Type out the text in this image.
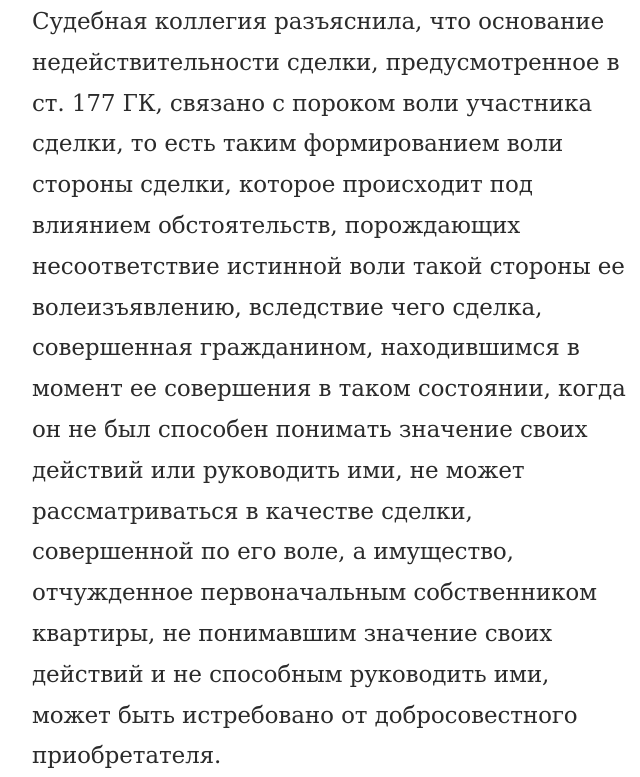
Судебная коллегия разъяснила, что основание
недействительности сделки, предусмотренное в
ст. 177 ГК, связано с пороком воли участника
сделки, то есть таким формированием воли
стороны сделки, которое происходит под
влиянием обстоятельств, порождающих
несоответствие истинной воли такой стороны ее
волеизъявлению, вследствие чего сделка,
совершенная гражданином, находившимся в
момент ее совершения в таком состоянии, когда
он не был способен понимать значение своих
действий или руководить ими, не может
рассматриваться в качестве сделки,
совершенной по его воле, а имущество,
отчужденное первоначальным собственником
квартиры, не понимавшим значение своих
действий и не способным руководить ими,
может быть истребовано от добросовестного
приобретателя.
